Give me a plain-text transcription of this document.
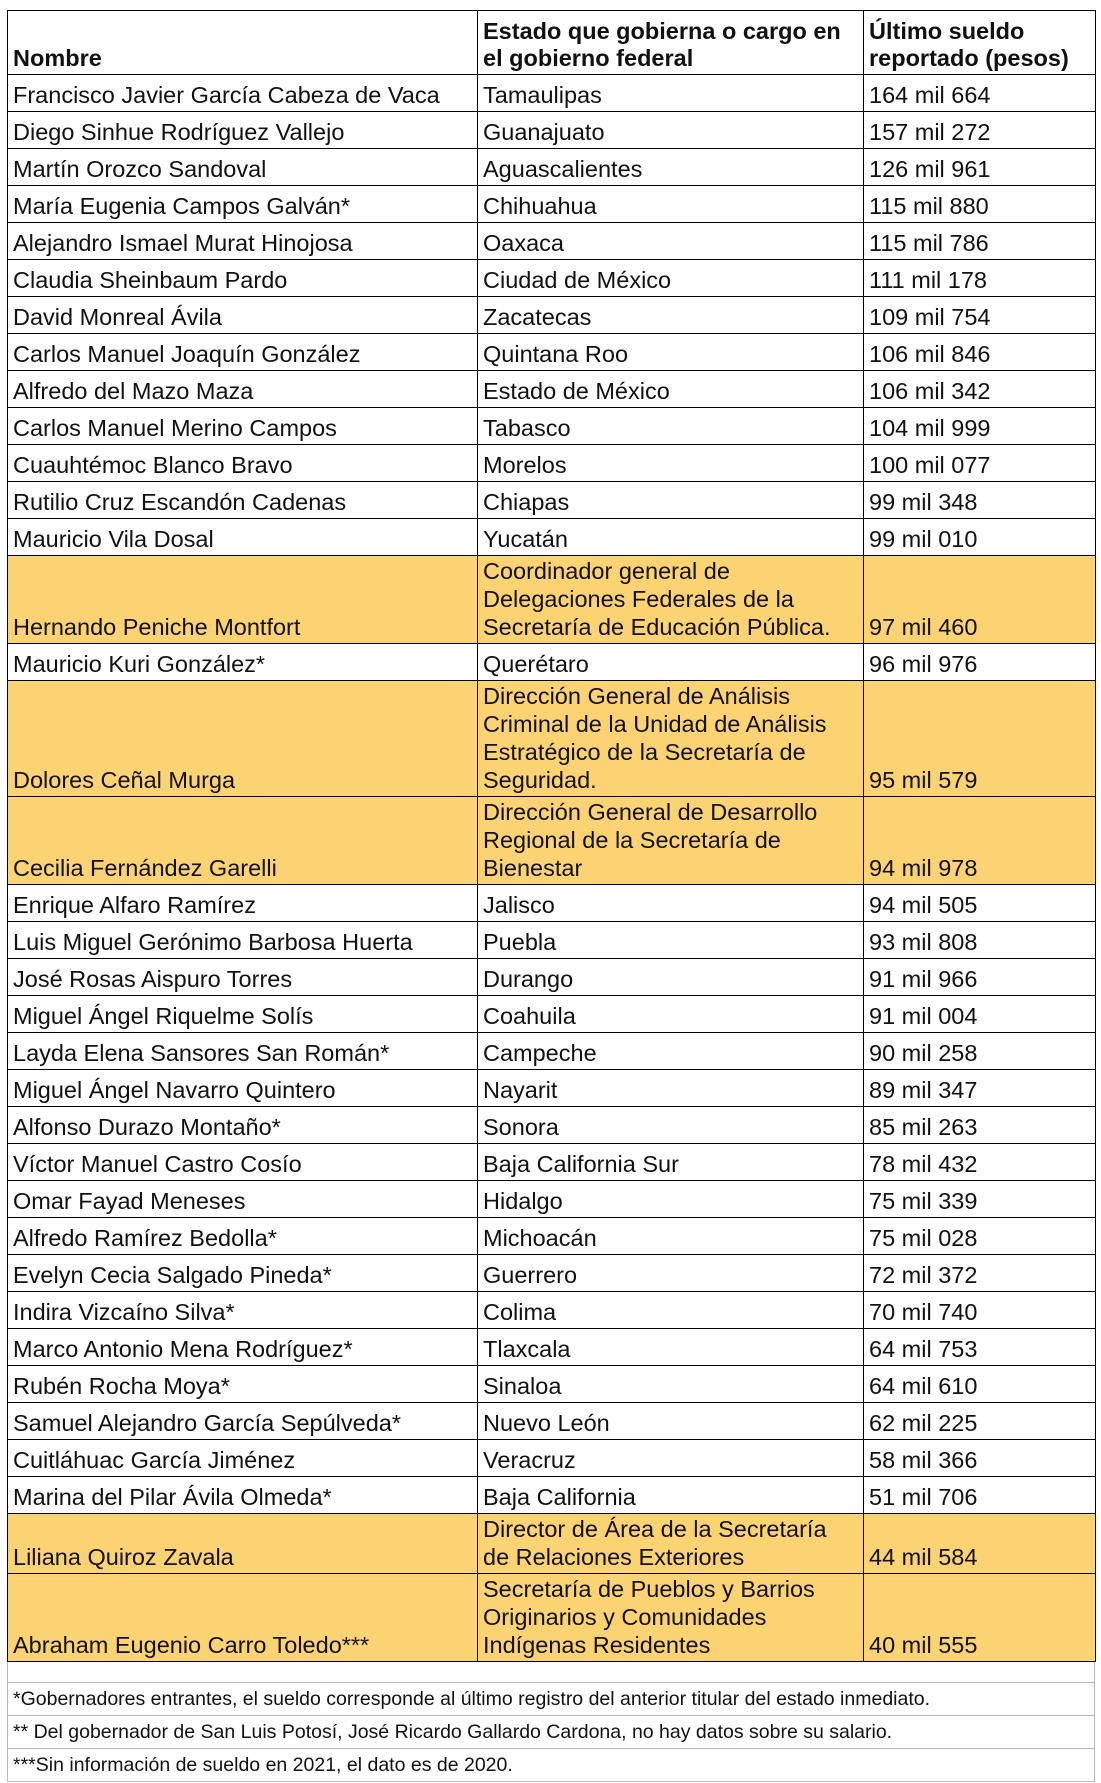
Nombre	Estado que gobierna o cargo en el gobierno federal	Último sueldo reportado (pesos)
Francisco Javier García Cabeza de Vaca	Tamaulipas	164 mil 664
Diego Sinhue Rodríguez Vallejo	Guanajuato	157 mil 272
Martín Orozco Sandoval	Aguascalientes	126 mil 961
María Eugenia Campos Galván*	Chihuahua	115 mil 880
Alejandro Ismael Murat Hinojosa	Oaxaca	115 mil 786
Claudia Sheinbaum Pardo	Ciudad de México	111 mil 178
David Monreal Ávila	Zacatecas	109 mil 754
Carlos Manuel Joaquín González	Quintana Roo	106 mil 846
Alfredo del Mazo Maza	Estado de México	106 mil 342
Carlos Manuel Merino Campos	Tabasco	104 mil 999
Cuauhtémoc Blanco Bravo	Morelos	100 mil 077
Rutilio Cruz Escandón Cadenas	Chiapas	99 mil 348
Mauricio Vila Dosal	Yucatán	99 mil 010
Hernando Peniche Montfort	Coordinador general de Delegaciones Federales de la Secretaría de Educación Pública.	97 mil 460
Mauricio Kuri González*	Querétaro	96 mil 976
Dolores Ceñal Murga	Dirección General de Análisis Criminal de la Unidad de Análisis Estratégico de la Secretaría de Seguridad.	95 mil 579
Cecilia Fernández Garelli	Dirección General de Desarrollo Regional de la Secretaría de Bienestar	94 mil 978
Enrique Alfaro Ramírez	Jalisco	94 mil 505
Luis Miguel Gerónimo Barbosa Huerta	Puebla	93 mil 808
José Rosas Aispuro Torres	Durango	91 mil 966
Miguel Ángel Riquelme Solís	Coahuila	91 mil 004
Layda Elena Sansores San Román*	Campeche	90 mil 258
Miguel Ángel Navarro Quintero	Nayarit	89 mil 347
Alfonso Durazo Montaño*	Sonora	85 mil 263
Víctor Manuel Castro Cosío	Baja California Sur	78 mil 432
Omar Fayad Meneses	Hidalgo	75 mil 339
Alfredo Ramírez Bedolla*	Michoacán	75 mil 028
Evelyn Cecia Salgado Pineda*	Guerrero	72 mil 372
Indira Vizcaíno Silva*	Colima	70 mil 740
Marco Antonio Mena Rodríguez*	Tlaxcala	64 mil 753
Rubén Rocha Moya*	Sinaloa	64 mil 610
Samuel Alejandro García Sepúlveda*	Nuevo León	62 mil 225
Cuitláhuac García Jiménez	Veracruz	58 mil 366
Marina del Pilar Ávila Olmeda*	Baja California	51 mil 706
Liliana Quiroz Zavala	Director de Área de la Secretaría de Relaciones Exteriores	44 mil 584
Abraham Eugenio Carro Toledo***	Secretaría de Pueblos y Barrios Originarios y Comunidades Indígenas Residentes	40 mil 555
*Gobernadores entrantes, el sueldo corresponde al último registro del anterior titular del estado inmediato.
** Del gobernador de San Luis Potosí, José Ricardo Gallardo Cardona, no hay datos sobre su salario.
***Sin información de sueldo en 2021, el dato es de 2020.
